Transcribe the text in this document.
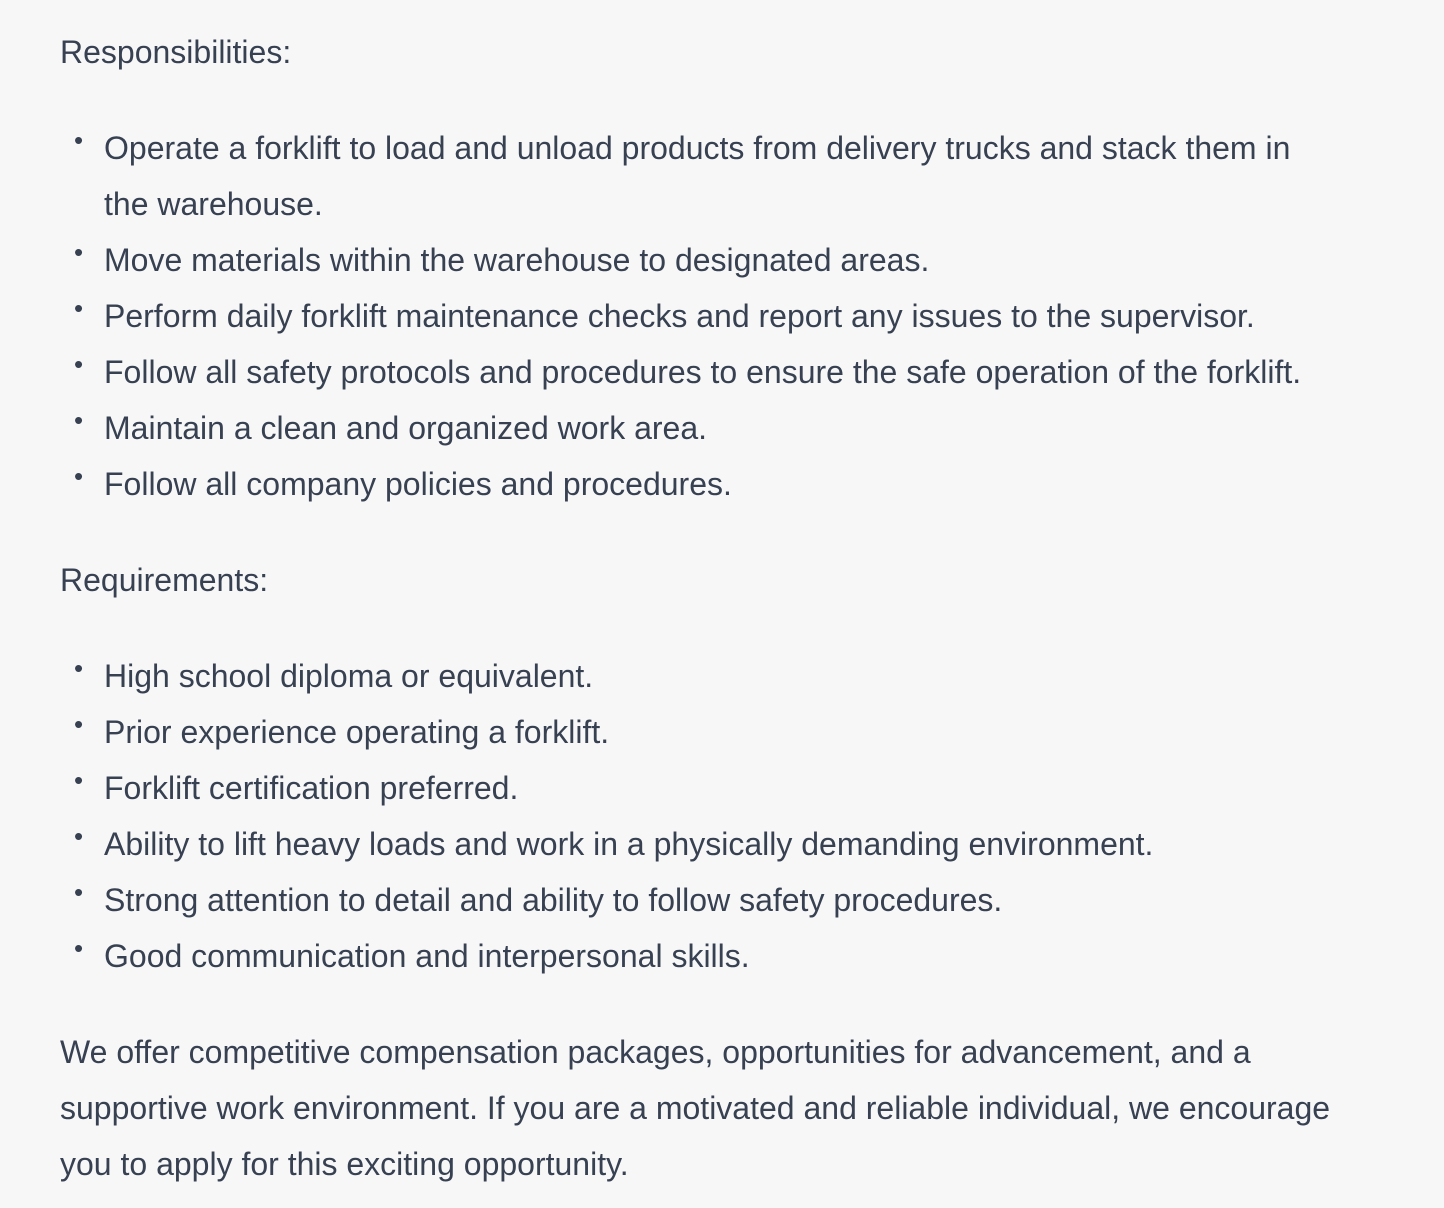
Responsibilities:

• Operate a forklift to load and unload products from delivery trucks and stack them in
the warehouse.
• Move materials within the warehouse to designated areas.
• Perform daily forklift maintenance checks and report any issues to the supervisor.
• Follow all safety protocols and procedures to ensure the safe operation of the forklift.
• Maintain a clean and organized work area.
• Follow all company policies and procedures.

Requirements:

• High school diploma or equivalent.
• Prior experience operating a forklift.
• Forklift certification preferred.
• Ability to lift heavy loads and work in a physically demanding environment.
• Strong attention to detail and ability to follow safety procedures.
• Good communication and interpersonal skills.

We offer competitive compensation packages, opportunities for advancement, and a
supportive work environment. If you are a motivated and reliable individual, we encourage
you to apply for this exciting opportunity.
